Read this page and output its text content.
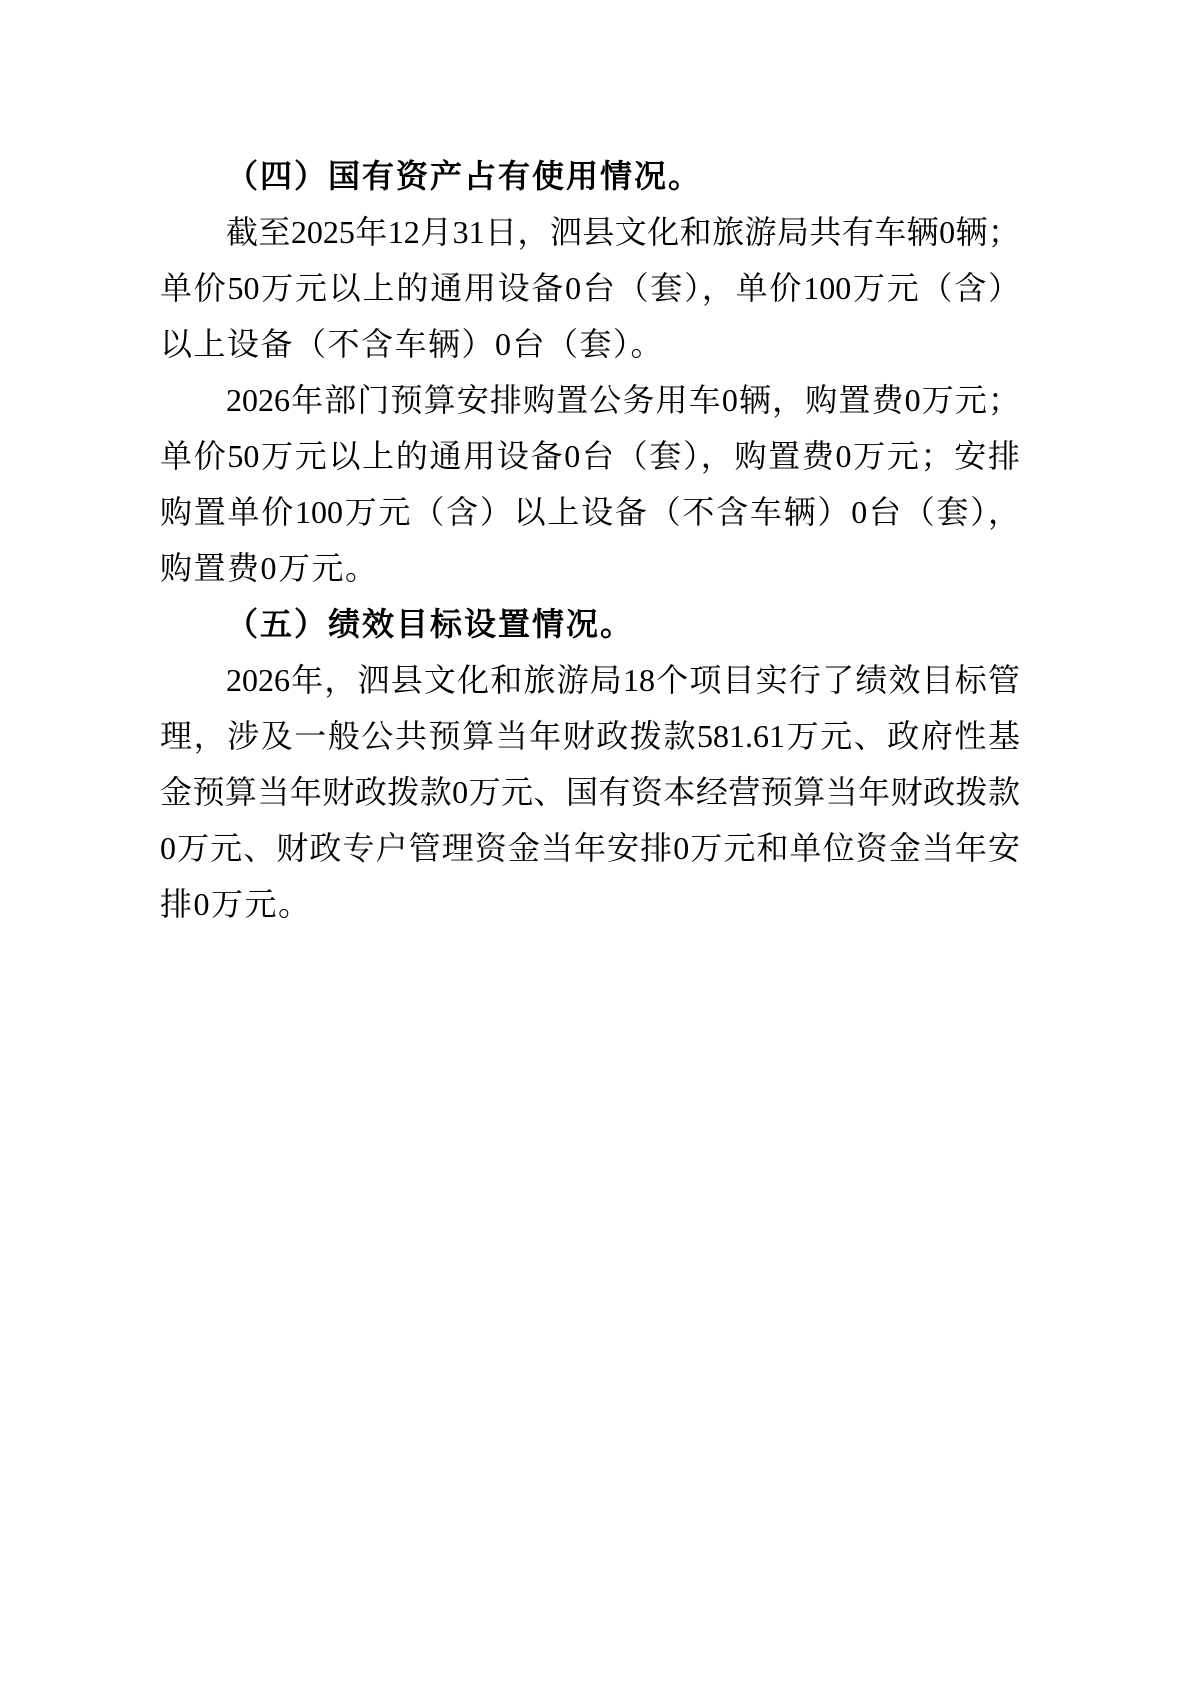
（四）国有资产占有使用情况。
截至2025年12月31日，泗县文化和旅游局共有车辆0辆；
单价50万元以上的通用设备0台（套），单价100万元（含）
以上设备（不含车辆）0台（套）。
2026年部门预算安排购置公务用车0辆，购置费0万元；
单价50万元以上的通用设备0台（套），购置费0万元；安排
购置单价100万元（含）以上设备（不含车辆）0台（套），
购置费0万元。
（五）绩效目标设置情况。
2026年，泗县文化和旅游局18个项目实行了绩效目标管
理，涉及一般公共预算当年财政拨款581.61万元、政府性基
金预算当年财政拨款0万元、国有资本经营预算当年财政拨款
0万元、财政专户管理资金当年安排0万元和单位资金当年安
排0万元。
